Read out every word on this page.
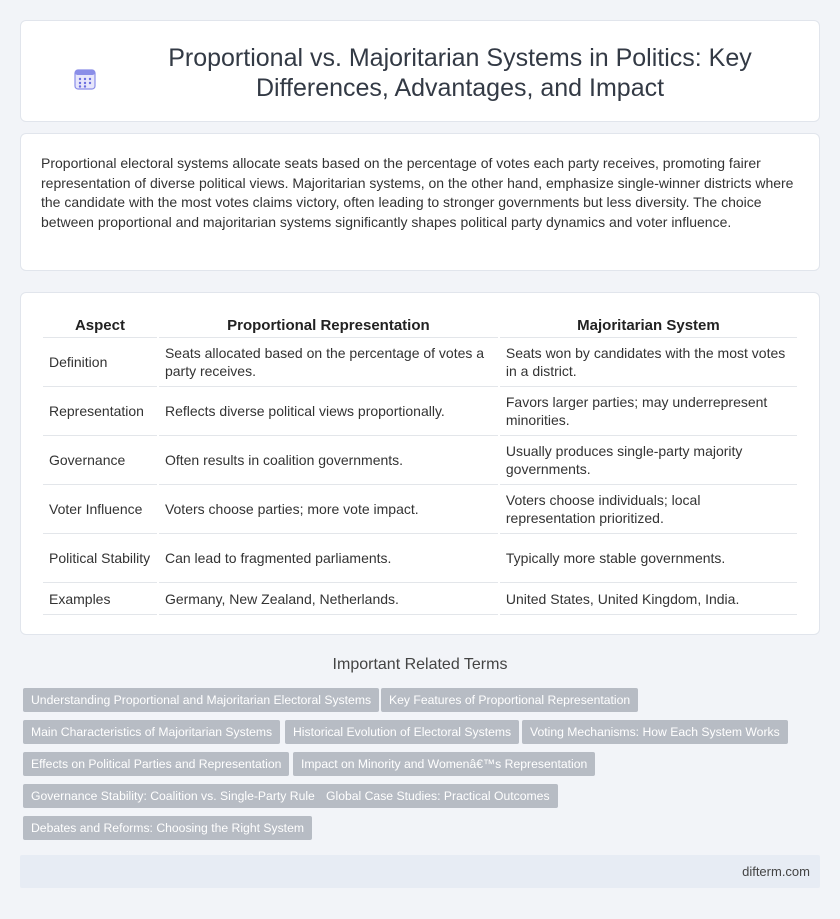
Proportional vs. Majoritarian Systems in Politics: Key Differences, Advantages, and Impact

Proportional electoral systems allocate seats based on the percentage of votes each party receives, promoting fairer representation of diverse political views. Majoritarian systems, on the other hand, emphasize single-winner districts where the candidate with the most votes claims victory, often leading to stronger governments but less diversity. The choice between proportional and majoritarian systems significantly shapes political party dynamics and voter influence.

Aspect	Proportional Representation	Majoritarian System
Definition	Seats allocated based on the percentage of votes a party receives.	Seats won by candidates with the most votes in a district.
Representation	Reflects diverse political views proportionally.	Favors larger parties; may underrepresent minorities.
Governance	Often results in coalition governments.	Usually produces single-party majority governments.
Voter Influence	Voters choose parties; more vote impact.	Voters choose individuals; local representation prioritized.
Political Stability	Can lead to fragmented parliaments.	Typically more stable governments.
Examples	Germany, New Zealand, Netherlands.	United States, United Kingdom, India.
Important Related Terms
Understanding Proportional and Majoritarian Electoral Systems	Key Features of Proportional Representation
Main Characteristics of Majoritarian Systems	Historical Evolution of Electoral Systems	Voting Mechanisms: How Each System Works
Effects on Political Parties and Representation	Impact on Minority and Womenâ€™s Representation
Governance Stability: Coalition vs. Single-Party Rule Global Case Studies: Practical Outcomes
Debates and Reforms: Choosing the Right System
difterm.com
